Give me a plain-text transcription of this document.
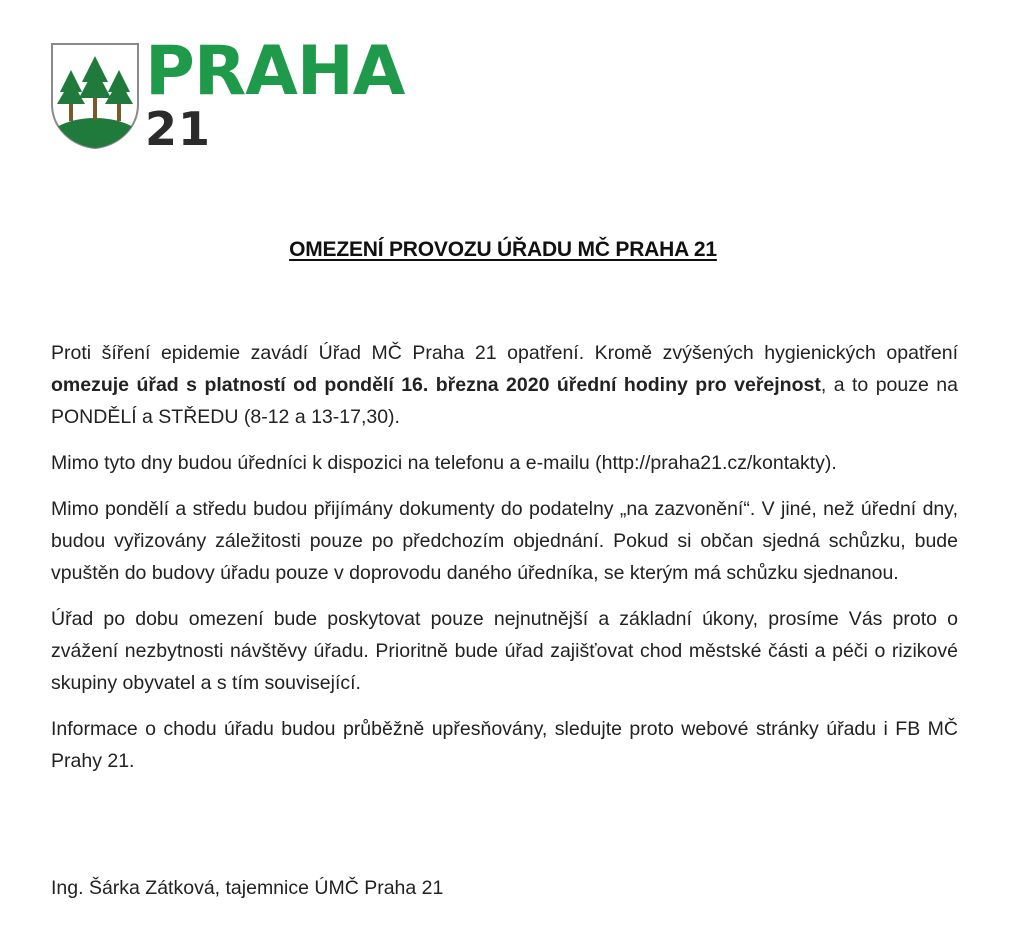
PRAHA
21
OMEZENÍ PROVOZU ÚŘADU MČ PRAHA 21

Proti šíření epidemie zavádí Úřad MČ Praha 21 opatření. Kromě zvýšených hygienických opatření omezuje úřad s platností od pondělí 16. března 2020 úřední hodiny pro veřejnost, a to pouze na PONDĚLÍ a STŘEDU (8-12 a 13-17,30).

Mimo tyto dny budou úředníci k dispozici na telefonu a e-mailu (http://praha21.cz/kontakty).

Mimo pondělí a středu budou přijímány dokumenty do podatelny „na zazvonění“. V jiné, než úřední dny, budou vyřizovány záležitosti pouze po předchozím objednání. Pokud si občan sjedná schůzku, bude vpuštěn do budovy úřadu pouze v doprovodu daného úředníka, se kterým má schůzku sjednanou.

Úřad po dobu omezení bude poskytovat pouze nejnutnější a základní úkony, prosíme Vás proto o zvážení nezbytnosti návštěvy úřadu. Prioritně bude úřad zajišťovat chod městské části a péči o rizikové skupiny obyvatel a s tím související.

Informace o chodu úřadu budou průběžně upřesňovány, sledujte proto webové stránky úřadu i FB MČ Prahy 21.

Ing. Šárka Zátková, tajemnice ÚMČ Praha 21
